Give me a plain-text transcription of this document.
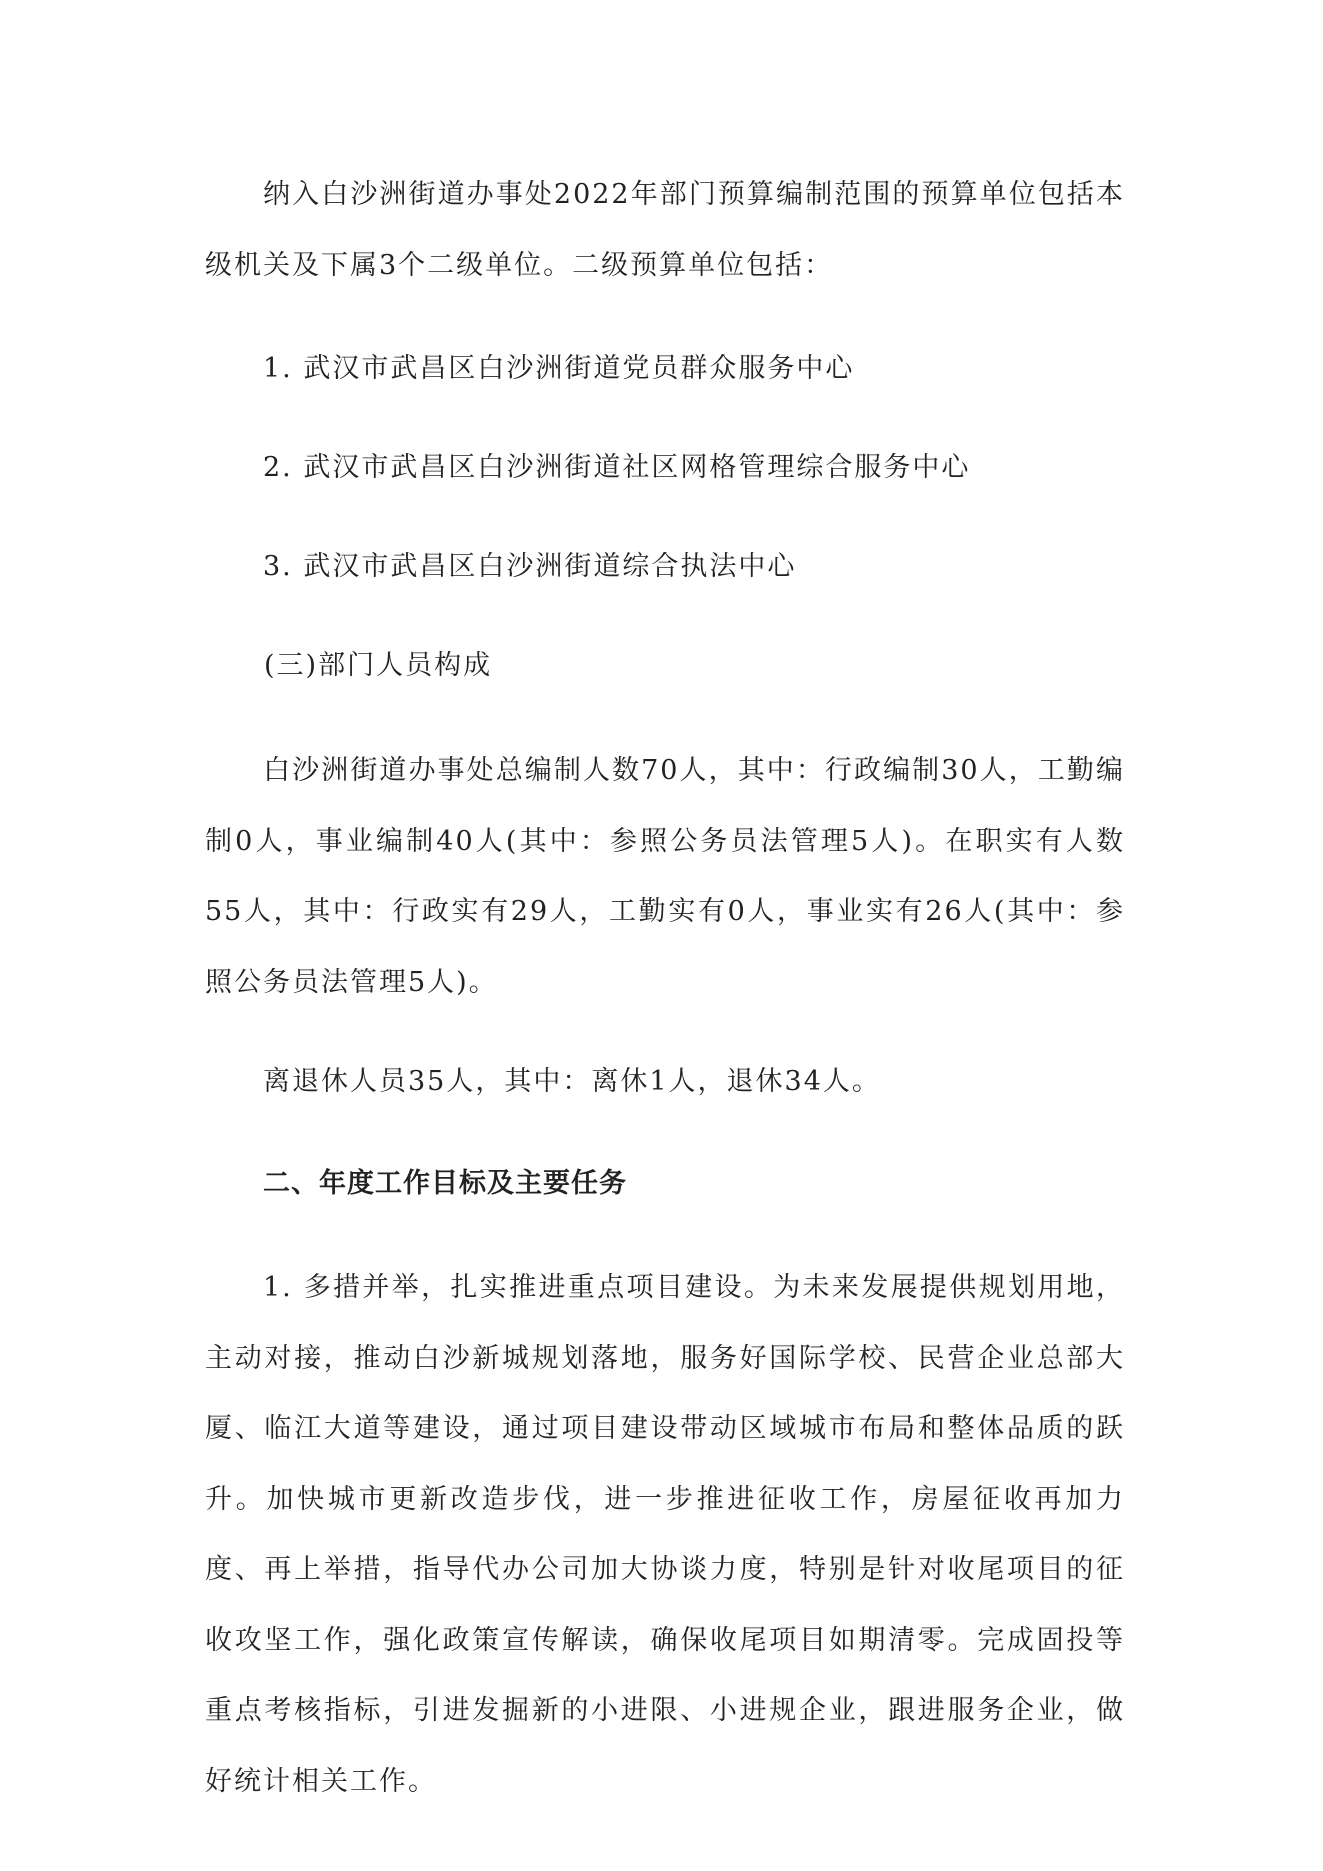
纳入白沙洲街道办事处2022年部门预算编制范围的预算单位包括本级机关及下属3个二级单位。二级预算单位包括：

1. 武汉市武昌区白沙洲街道党员群众服务中心
2. 武汉市武昌区白沙洲街道社区网格管理综合服务中心
3. 武汉市武昌区白沙洲街道综合执法中心
(三)部门人员构成

白沙洲街道办事处总编制人数70人，其中：行政编制30人，工勤编制0人，事业编制40人(其中：参照公务员法管理5人)。在职实有人数55人，其中：行政实有29人，工勤实有0人，事业实有26人(其中：参照公务员法管理5人)。

离退休人员35人，其中：离休1人，退休34人。

二、年度工作目标及主要任务

1. 多措并举，扎实推进重点项目建设。为未来发展提供规划用地，主动对接，推动白沙新城规划落地，服务好国际学校、民营企业总部大厦、临江大道等建设，通过项目建设带动区域城市布局和整体品质的跃升。加快城市更新改造步伐，进一步推进征收工作，房屋征收再加力度、再上举措，指导代办公司加大协谈力度，特别是针对收尾项目的征收攻坚工作，强化政策宣传解读，确保收尾项目如期清零。完成固投等重点考核指标，引进发掘新的小进限、小进规企业，跟进服务企业，做好统计相关工作。
